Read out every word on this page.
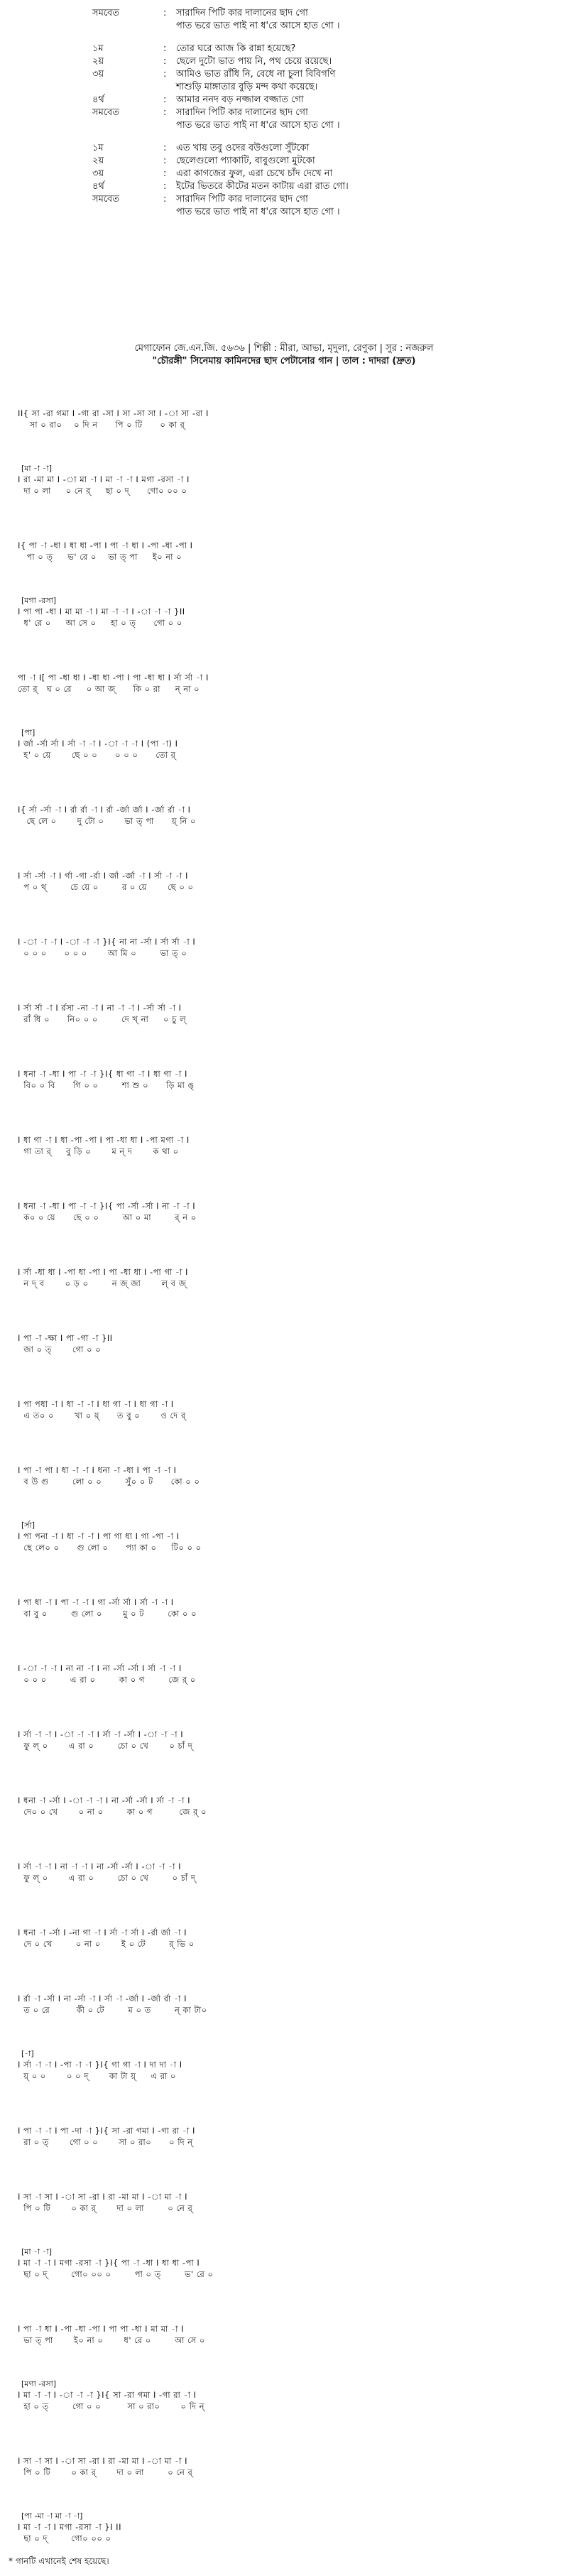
সমবেত	:	সারাদিন পিটি কার দালানের ছাদ গো
পাত ভরে ভাত পাই না ধ'রে আসে হাত গো ।
১ম	:	তোর ঘরে আজ কি রান্না হয়েছে?
২য়	:	ছেলে দুটো ভাত পায় নি, পথ চেয়ে রয়েছে।
৩য়	:	আমিও ভাত রাঁধি নি, বেধে না চুলা বিবিগণি
শাশুড়ি মাঙ্গাতার বুড়ি মন্দ কথা কয়েছে।
৪র্থ	:	আমার ননদ বড় নজ্জাল বজ্জাত গো
সমবেত	:	সারাদিন পিটি কার দালানের ছাদ গো
পাত ভরে ভাত পাই না ধ'রে আসে হাত গো ।
১ম	:	এত খায় তবু ওদের বউগুলো সুঁটকো
২য়	:	ছেলেগুলো প্যাকাটি, বাবুগুলো মুটকো
৩য়	:	এরা কাগজের ফুল, এরা চেখে চাঁদ দেখে না
৪র্থ	:	ইটের ভিতরে কীটের মতন কাটায় এরা রাত গো।
সমবেত	:	সারাদিন পিটি কার দালানের ছাদ গো
পাত ভরে ভাত পাই না ধ'রে আসে হাত গো ।
মেগাফোন জে.এন.জি. ৫৬৩৬ | শিল্পী : মীরা, আভা, মৃদুলা, রেণুকা | সুর : নজরুল
"চৌরঙ্গী" সিনেমায় কামিনদের ছাদ পেটানোর গান | তাল : দাদরা (দ্রুত)
II{ সা -রা গমা I -গা রা -সা I সা -সা সা I -া সা -রা I
সা ০ রা০    ০ দি ন      পি ০ টি      ০ কা র্
[মা -া -া]
I রা -মা মা I -া মা -া I মা -া -া I মগা -রসা -া I
দা ০ লা     ০ নে র্     ছা ০ দ্      গো০ ০০ ০
I{ পা -া -ধা I ধা ধা -পা I পা -া ধা I -পা -ধা -পা I
পা ০ ত্     ভ' রে ০    ভা ত্ পা     ই০ না ০
[মগা -রসা]
I পা পা -ধা I মা মা -া I মা -া -া I -া -া -া }II
ধ' রে ০     আ সে ০     হা ০ ত্      গো ০ ০
পা -া I[ পা -ধা ধা I -ধা ধা -পা I পা -ধা ধা I র্সা র্সা -া I
তো র্   ঘ ০ রে     ০ আ জ্      কি ০ রা     ন্ না ০
[পা]
I র্জা -র্সা র্সা I র্সা -া -া I -া -া -া I (পা -া) I
হ' ০ য়ে       ছে ০ ০      ০ ০ ০      তো র্
I{ র্সা -র্সা -া I র্রা র্রা -া I র্রা -র্জা র্জা I -র্জা র্রা -া I
ছে লে ০       দু টো ০       ভা ত্ পা      য়্ নি ০
I র্সা -র্সা -া I র্গা -গা -র্রা I র্জা -র্জা -া I র্সা -া -া I
প ০ থ্        চে য়ে ০        র ০ য়ে       ছে ০ ০
I -া -া -া I -া -া -া }I{ না না -র্সা I র্সা র্সা -া I
০ ০ ০      ০ ০ ০       আ মি ০        ভা ত্ ০
I র্সা র্সা -া I র্রসা -না -া I না -া -া I -র্সা র্সা -া I
রাঁ ধি ০      নি০ ০ ০        দে খ্ না     ০ চু ল্
I ধনা -া -ধা I পা -া -া }I{ ধা গা -া I ধা গা -া I
বি০ ০ বি      গি ০ ০        শা শু ০      ড়ি মা ঙ্
I ধা গা -া I ধা -পা -পা I পা -ধা ধা I -পা মগা -া I
গা তা র্     বু ড়ি ০       ম ন্ দ       ক থা ০
I ধনা -া -ধা I পা -া -া }I{ পা -র্সা -র্সা I না -া -া I
ক০ ০ য়ে      ছে ০ ০        আ ০ মা        র্ ন ০
I র্সা -ধা ধা I -পা ধা -পা I পা -ধা ধা I -পা গা -া I
ন দ্ ব       ০ ড় ০        ন জ্ জা       ল্ ব জ্
I পা -া -ক্ষা I পা -গা -া }II
জা ০ ত্       গো ০ ০
I পা পধা -া I ধা -া -া I ধা গা -া I ধা গা -া I
এ ত০ ০       খা ০ য়্      ত বু ০       ও দে র্
I পা -া পা I ধা -া -া I ধনা -া -ধা I পা -া -া I
ব উ গু        লো ০ ০        সুঁ০ ০ ট      কো ০ ০
[র্সা]
I পা পনা -া I ধা -া -া I পা গা ধা I গা -পা -া I
ছে লে০ ০      গু লো ০      প্যা কা ০     টি০ ০ ০
I পা ধা -া I পা -া -া I গা -র্সা র্সা I র্সা -া -া I
বা বু ০        গু লো ০       মু ০ ট        কো ০ ০
I -া -া -া I না না -া I না -র্সা -র্সা I র্সা -া -া I
০ ০ ০        এ রা ০        কা ০ গ        জে র্ ০
I র্সা -া -া I -া -া -া I র্সা -া -র্সা I -া -া -া I
ফু ল্ ০       এ রা ০        চো ০ খে       ০ চাঁ দ্
I ধনা -া -র্সা I -া -া -া I না -র্সা -র্সা I র্সা -া -া I
দে০ ০ খে       ০ না ০        কা ০ গ         জে র্ ০
I র্সা -া -া I না -া -া I না -র্সা -র্সা I -া -া -া I
ফু ল্ ০       এ রা ০        চো ০ খে        ০ চাঁ দ্
I ধনা -া -র্সা I -না গা -া I র্সা -া র্সা I -র্রা র্জা -া I
দে ০ খে        ০ না ০       ই ০ টে        র্ ভি ০
I র্রা -া -র্সা I না -র্সা -া I র্সা -া -র্জা I -র্জা র্রা -া I
ত ০ রে         কী ০ টে        ম ০ ত        ন্ কা টা০
[-া]
I র্সা -া -া I -পা -া -া }I{ গা গা -া I দা দা -া I
য়্ ০ ০       ০ ০ দ্       কা টা য়্     এ রা ০
I পা -া -া I পা -দা -া }I{ সা -রা গমা I -গা রা -া I
রা ০ ত্       গো ০ ০       সা ০ রা০      ০ দি ন্
I সা -া সা I -া সা -রা I রা -মা মা I -া মা -া I
পি ০ টি       ০ কা র্       দা ০ লা        ০ নে র্
[মা -া -া]
I মা -া -া I মগা -রসা -া }I{ পা -া -ধা I ধা ধা -পা I
ছা ০ দ্        গো০ ০০ ০        পা ০ ত্        ভ' রে ০
I পা -া ধা I -পা -ধা -পা I পা পা -ধা I মা মা -া I
ভা ত্ পা       ই০ না ০       ধ' রে ০        আ সে ০
[মগা -রসা]
I মা -া -া I -া -া -া }I{ সা -রা গমা I -গা রা -া I
হা ০ ত্        গো ০ ০         সা ০ রা০       ০ দি ন্
I সা -া সা I -া সা -রা I রা -মা মা I -া মা -া I
পি ০ টি       ০ কা র্       দা ০ লা        ০ নে র্
[পা -মা -া মা -া -া]
I মা -া -া I মগা -রসা -া }I II
ছা ০ দ্        গো০ ০০ ০
* গানটি এখানেই শেষ হয়েছে।
